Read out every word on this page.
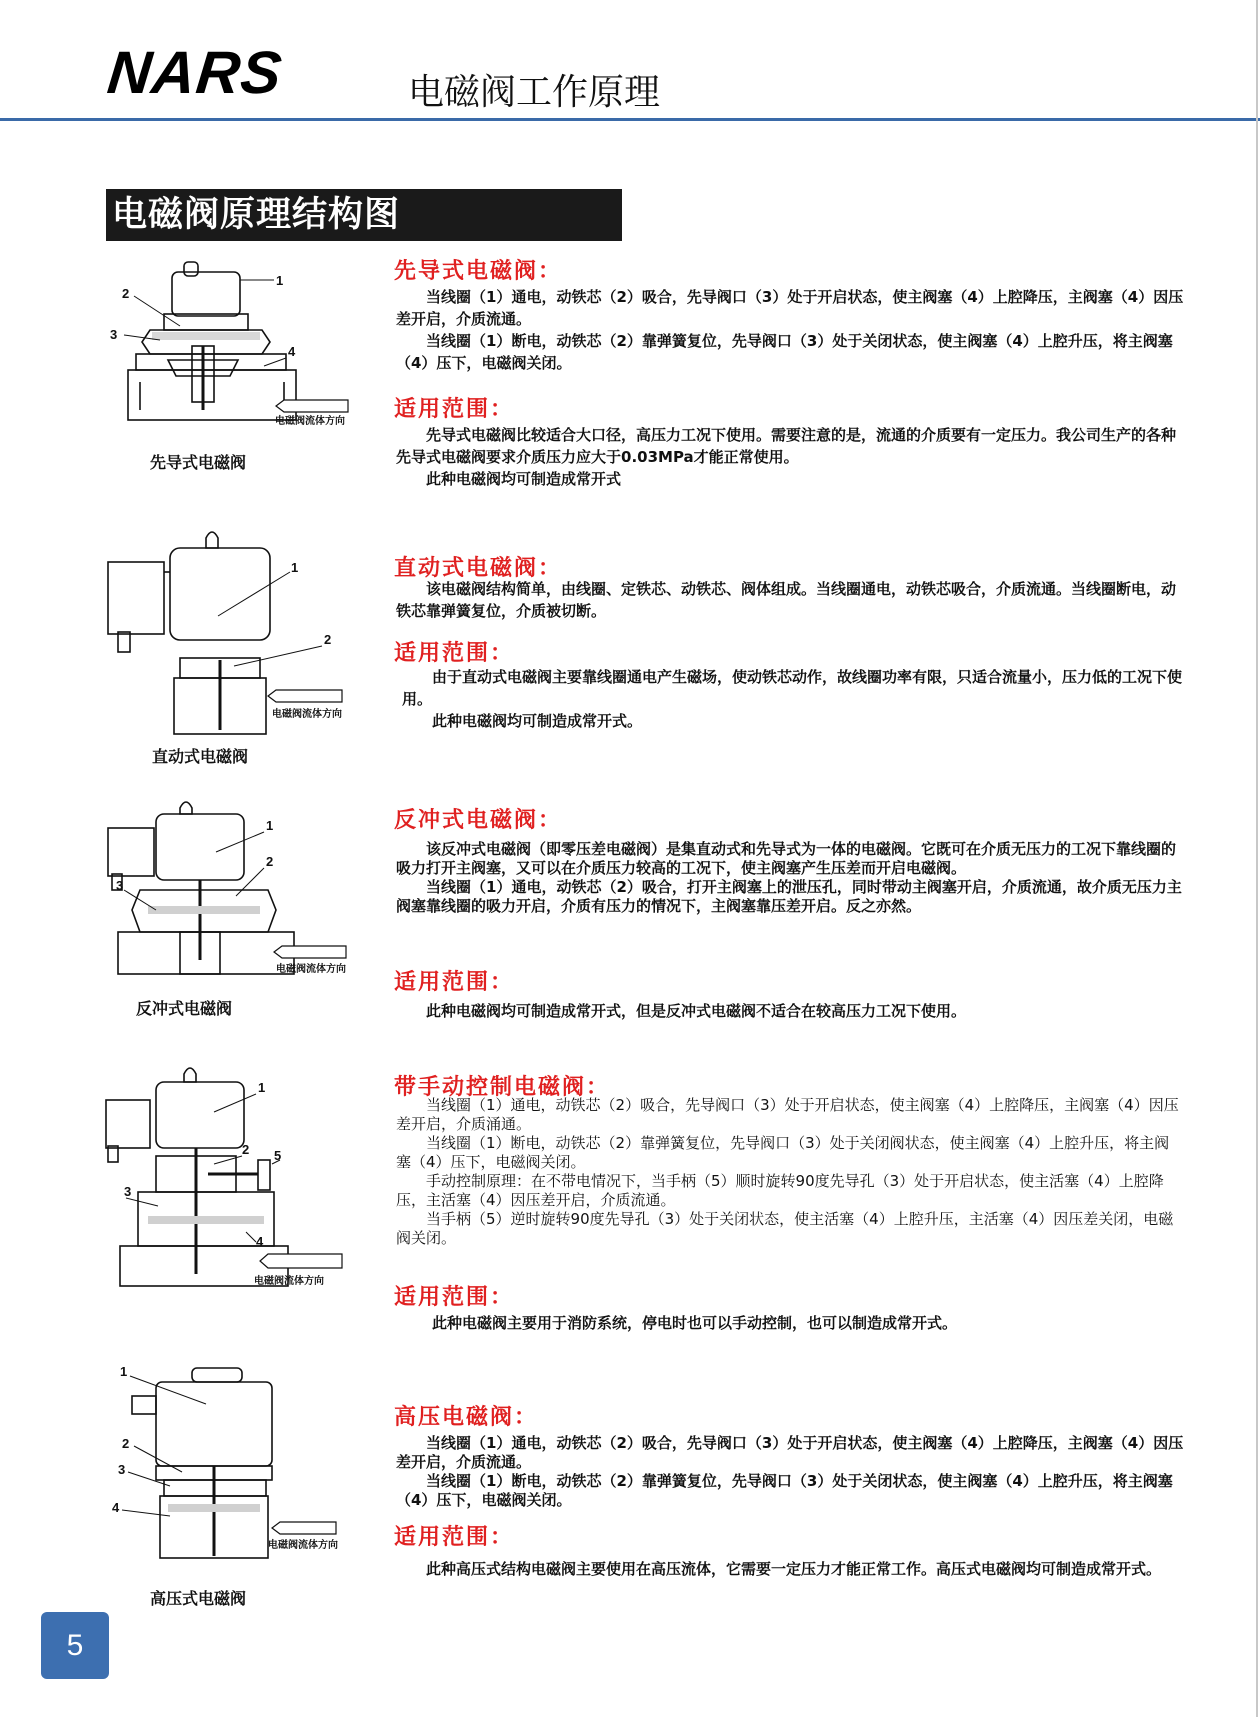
NARS	电磁阀工作原理
电磁阀原理结构图
1
2
3
4
电磁阀流体方向
先导式电磁阀
先导式电磁阀：

当线圈（1）通电，动铁芯（2）吸合，先导阀口（3）处于开启状态，使主阀塞（4）上腔降压，主阀塞（4）因压差开启，介质流通。

当线圈（1）断电，动铁芯（2）靠弹簧复位，先导阀口（3）处于关闭状态，使主阀塞（4）上腔升压，将主阀塞（4）压下，电磁阀关闭。

适用范围：

先导式电磁阀比较适合大口径，高压力工况下使用。需要注意的是，流通的介质要有一定压力。我公司生产的各种先导式电磁阀要求介质压力应大于0.03MPa才能正常使用。

此种电磁阀均可制造成常开式

1
2
电磁阀流体方向
直动式电磁阀
直动式电磁阀：

该电磁阀结构简单，由线圈、定铁芯、动铁芯、阀体组成。当线圈通电，动铁芯吸合，介质流通。当线圈断电，动铁芯靠弹簧复位，介质被切断。

适用范围：

由于直动式电磁阀主要靠线圈通电产生磁场，使动铁芯动作，故线圈功率有限，只适合流量小，压力低的工况下使用。

此种电磁阀均可制造成常开式。

1
2
3
电磁阀流体方向
反冲式电磁阀
反冲式电磁阀：

该反冲式电磁阀（即零压差电磁阀）是集直动式和先导式为一体的电磁阀。它既可在介质无压力的工况下靠线圈的吸力打开主阀塞，又可以在介质压力较高的工况下，使主阀塞产生压差而开启电磁阀。

当线圈（1）通电，动铁芯（2）吸合，打开主阀塞上的泄压孔，同时带动主阀塞开启，介质流通，故介质无压力主阀塞靠线圈的吸力开启，介质有压力的情况下，主阀塞靠压差开启。反之亦然。

适用范围：

此种电磁阀均可制造成常开式，但是反冲式电磁阀不适合在较高压力工况下使用。

1
2
3
4
5
电磁阀流体方向
带手动控制电磁阀：

当线圈（1）通电，动铁芯（2）吸合，先导阀口（3）处于开启状态，使主阀塞（4）上腔降压，主阀塞（4）因压差开启，介质涌通。

当线圈（1）断电，动铁芯（2）靠弹簧复位，先导阀口（3）处于关闭阀状态，使主阀塞（4）上腔升压，将主阀塞（4）压下，电磁阀关闭。

手动控制原理：在不带电情况下，当手柄（5）顺时旋转90度先导孔（3）处于开启状态，使主活塞（4）上腔降压，主活塞（4）因压差开启，介质流通。

当手柄（5）逆时旋转90度先导孔（3）处于关闭状态，使主活塞（4）上腔升压，主活塞（4）因压差关闭，电磁阀关闭。

适用范围：

此种电磁阀主要用于消防系统，停电时也可以手动控制，也可以制造成常开式。

1
2
3
4
电磁阀流体方向
高压式电磁阀
高压电磁阀：

当线圈（1）通电，动铁芯（2）吸合，先导阀口（3）处于开启状态，使主阀塞（4）上腔降压，主阀塞（4）因压差开启，介质流通。

当线圈（1）断电，动铁芯（2）靠弹簧复位，先导阀口（3）处于关闭状态，使主阀塞（4）上腔升压，将主阀塞（4）压下，电磁阀关闭。

适用范围：

此种高压式结构电磁阀主要使用在高压流体，它需要一定压力才能正常工作。高压式电磁阀均可制造成常开式。

5
